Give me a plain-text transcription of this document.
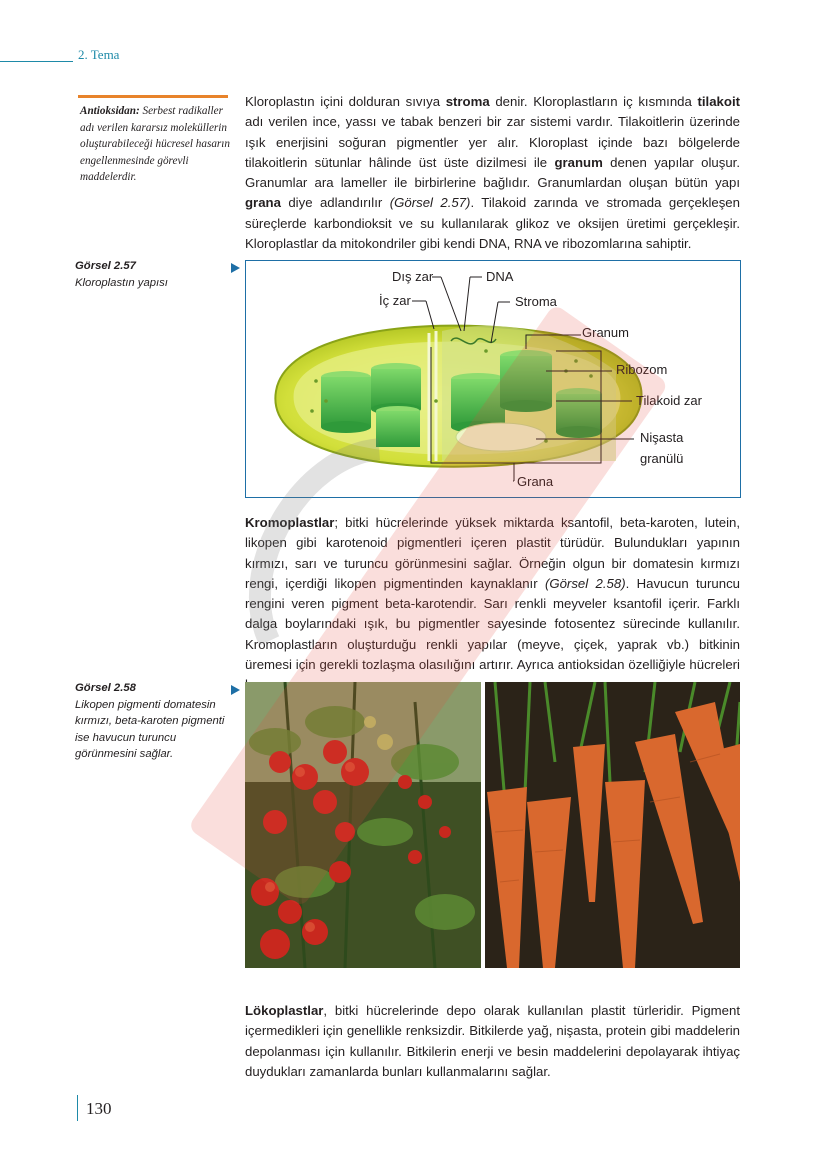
2. Tema
Antioksidan: Serbest radikaller adı verilen kararsız moleküllerin oluşturabileceği hücresel hasarın engellenmesinde görevli maddelerdir.
Kloroplastın içini dolduran sıvıya stroma denir. Kloroplastların iç kısmında tilakoit adı verilen ince, yassı ve tabak benzeri bir zar sistemi vardır. Tilakoitlerin üzerinde ışık enerjisini soğuran pigmentler yer alır. Kloroplast içinde bazı bölgelerde tilakoitlerin sütunlar hâlinde üst üste dizilmesi ile granum denen yapılar oluşur. Granumlar ara lameller ile birbirlerine bağlıdır. Granumlardan oluşan bütün yapı grana diye adlandırılır (Görsel 2.57). Tilakoid zarında ve stromada gerçekleşen süreçlerde karbondioksit ve su kullanılarak glikoz ve oksijen üretimi gerçekleşir. Kloroplastlar da mitokondriler gibi kendi DNA, RNA ve ribozomlarına sahiptir.
Görsel 2.57
Kloroplastın yapısı	Dış zar	DNA
İç zar	Stroma
Granum
Ribozom
Tilakoid zar
Nişasta
granülü
Grana
Kromoplastlar; bitki hücrelerinde yüksek miktarda ksantofil, beta-karoten, lutein, likopen gibi karotenoid pigmentleri içeren plastit türüdür. Bulundukları yapının kırmızı, sarı ve turuncu görünmesini sağlar. Örneğin olgun bir domatesin kırmızı rengi, içerdiği likopen pigmentinden kaynaklanır (Görsel 2.58). Havucun turuncu rengini veren pigment beta-karotendir. Sarı renkli meyveler ksantofil içerir. Farklı dalga boylarındaki ışık, bu pigmentler sayesinde fotosentez sürecinde kullanılır. Kromoplastların oluşturduğu renkli yapılar (meyve, çiçek, yaprak vb.) bitkinin üremesi için gerekli tozlaşma olasılığını artırır. Ayrıca antioksidan özelliğiyle hücreleri
Görsel 2.58
Likopen pigmenti domatesin kırmızı, beta-karoten pigmenti ise havucun turuncu görünmesini sağlar.
Lökoplastlar, bitki hücrelerinde depo olarak kullanılan plastit türleridir. Pigment içermedikleri için genellikle renksizdir. Bitkilerde yağ, nişasta, protein gibi maddelerin depolanması için kullanılır. Bitkilerin enerji ve besin maddelerini depolayarak ihtiyaç duydukları zamanlarda bunları kullanmalarını sağlar.
130
